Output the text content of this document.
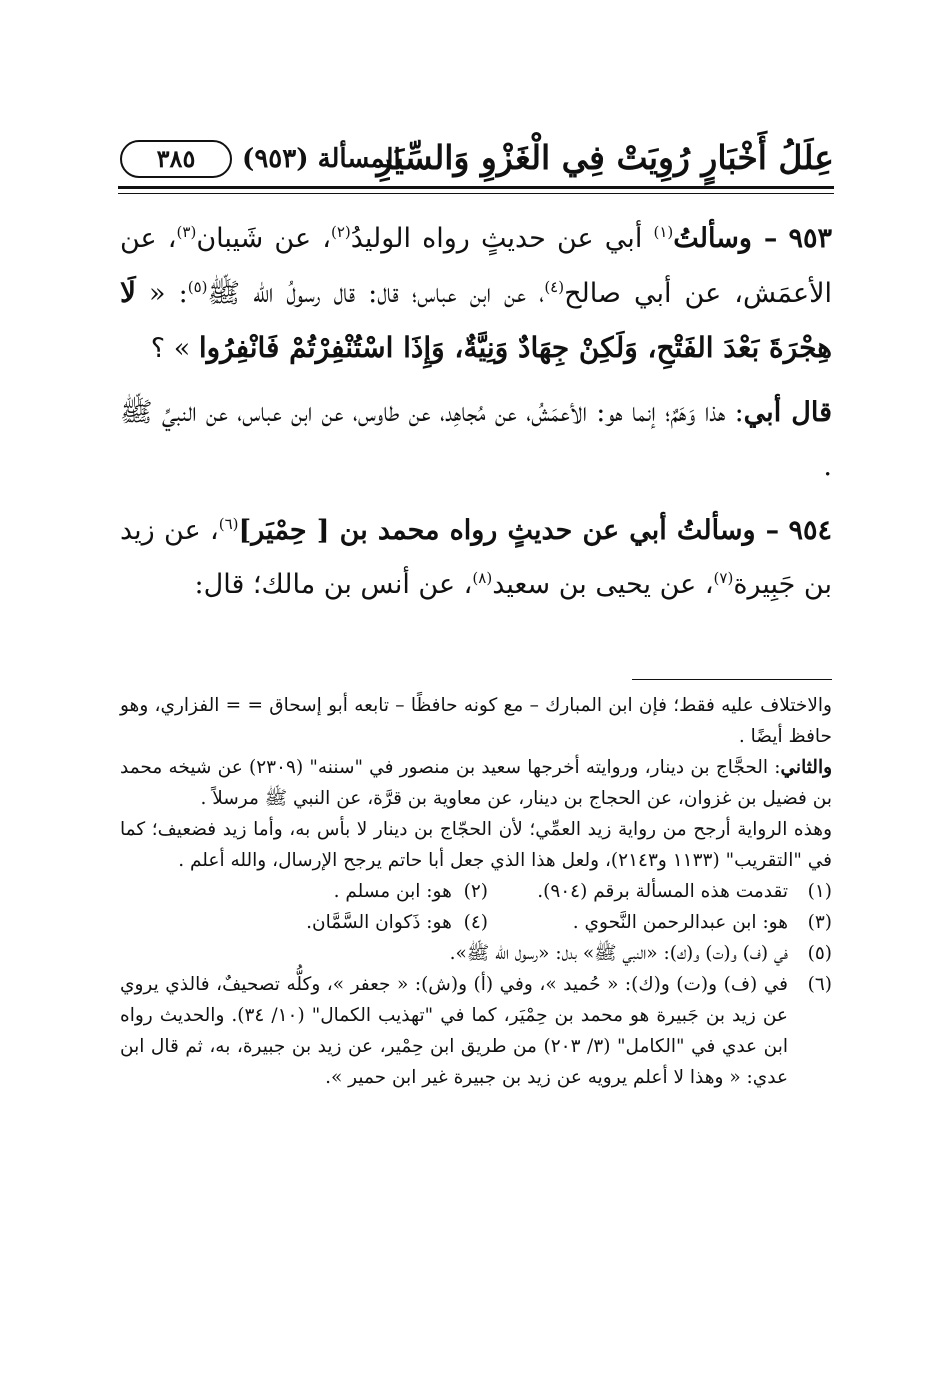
عِلَلُ أَخْبَارٍ رُوِيَتْ فِي الْغَزْوِ وَالسِّيَرِ
المسألة (٩٥٣)
٣٨٥

٩٥٣ – وسألتُ$^{(١)}$ أبي عن حديثٍ رواه الوليدُ$^{(٢)}$، عن شَيبان$^{(٣)}$، عن الأعمَش، عن أبي صالح$^{(٤)}$، عن ابن عباس؛ قال: قال رسولُ الله ﷺ$^{(٥)}$: « لَا هِجْرَةَ بَعْدَ الفَتْحِ، وَلَكِنْ جِهَادٌ وَنِيَّةٌ، وَإِذَا اسْتُنْفِرْتُمْ فَانْفِرُوا » ؟

قال أبي: هذا وَهَمٌ؛ إنما هو: الأعمَشُ، عن مُجاهِد، عن طاوس، عن ابن عباس، عن النبيِّ ﷺ .

٩٥٤ – وسألتُ أبي عن حديثٍ رواه محمد بن [ حِمْيَر]$^{(٦)}$، عن زيد بن جَبِيرة$^{(٧)}$، عن يحيى بن سعيد$^{(٨)}$، عن أنس بن مالك؛ قال:

والاختلاف عليه فقط؛ فإن ابن المبارك – مع كونه حافظًا – تابعه أبو إسحاق = = الفزاري، وهو حافظ أيضًا .

والثاني: الحجَّاج بن دينار، وروايته أخرجها سعيد بن منصور في "سننه" (٢٣٠٩) عن شيخه محمد بن فضيل بن غزوان، عن الحجاج بن دينار، عن معاوية بن قرَّة، عن النبي ﷺ مرسلاً .

وهذه الرواية أرجح من رواية زيد العمِّي؛ لأن الحجّاج بن دينار لا بأس به، وأما زيد فضعيف؛ كما في "التقريب" (١١٣٣ و٢١٤٣)، ولعل هذا الذي جعل أبا حاتم يرجح الإرسال، والله أعلم .

(١)
تقدمت هذه المسألة برقم (٩٠٤).
(٢)

هو: ابن مسلم .
(٣)
هو: ابن عبدالرحمن النَّحوي .
(٤)

هو: ذَكوان السَّمَّان.
(٥)
في (ف) و(ت) و(ك): «النبي ﷺ» بدل: «رسول الله ﷺ».
(٦)
في (ف) و(ت) و(ك): « حُميد »، وفي (أ) و(ش): « جعفر »، وكلُّه تصحيفٌ، فالذي يروي عن زيد بن جَبيرة هو محمد بن حِمْيَر، كما في "تهذيب الكمال" (١٠/ ٣٤). والحديث رواه ابن عدي في "الكامل" (٣/ ٢٠٣) من طريق ابن حِمْير، عن زيد بن جبيرة، به، ثم قال ابن عدي: « وهذا لا أعلم يرويه عن زيد بن جبيرة غير ابن حمير ».
